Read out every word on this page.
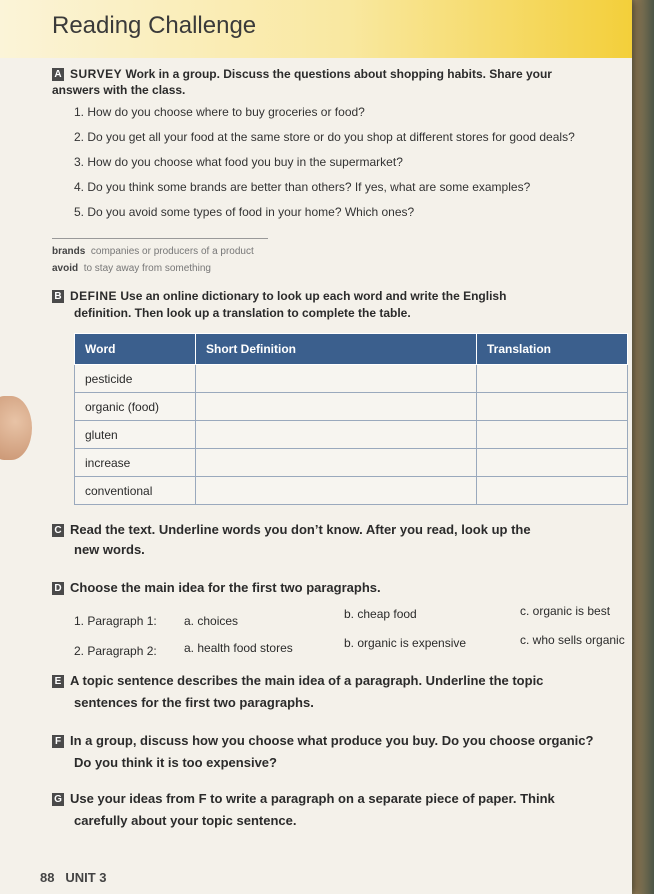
Reading Challenge
A SURVEY Work in a group. Discuss the questions about shopping habits. Share your
answers with the class.
1. How do you choose where to buy groceries or food?
2. Do you get all your food at the same store or do you shop at different stores for good deals?
3. How do you choose what food you buy in the supermarket?
4. Do you think some brands are better than others? If yes, what are some examples?
5. Do you avoid some types of food in your home? Which ones?
brands companies or producers of a product
avoid to stay away from something
B DEFINE Use an online dictionary to look up each word and write the English
definition. Then look up a translation to complete the table.
Word	Short Definition	Translation
pesticide		
organic (food)		
gluten		
increase		
conventional		
C Read the text. Underline words you don’t know. After you read, look up the
new words.
D Choose the main idea for the first two paragraphs.
1. Paragraph 1: a. choices	b. cheap food	c. organic is best
2. Paragraph 2: a. health food stores	b. organic is expensive	c. who sells organic
E A topic sentence describes the main idea of a paragraph. Underline the topic
sentences for the first two paragraphs.
F In a group, discuss how you choose what produce you buy. Do you choose organic?
Do you think it is too expensive?
G Use your ideas from F to write a paragraph on a separate piece of paper. Think
carefully about your topic sentence.
88 UNIT 3
